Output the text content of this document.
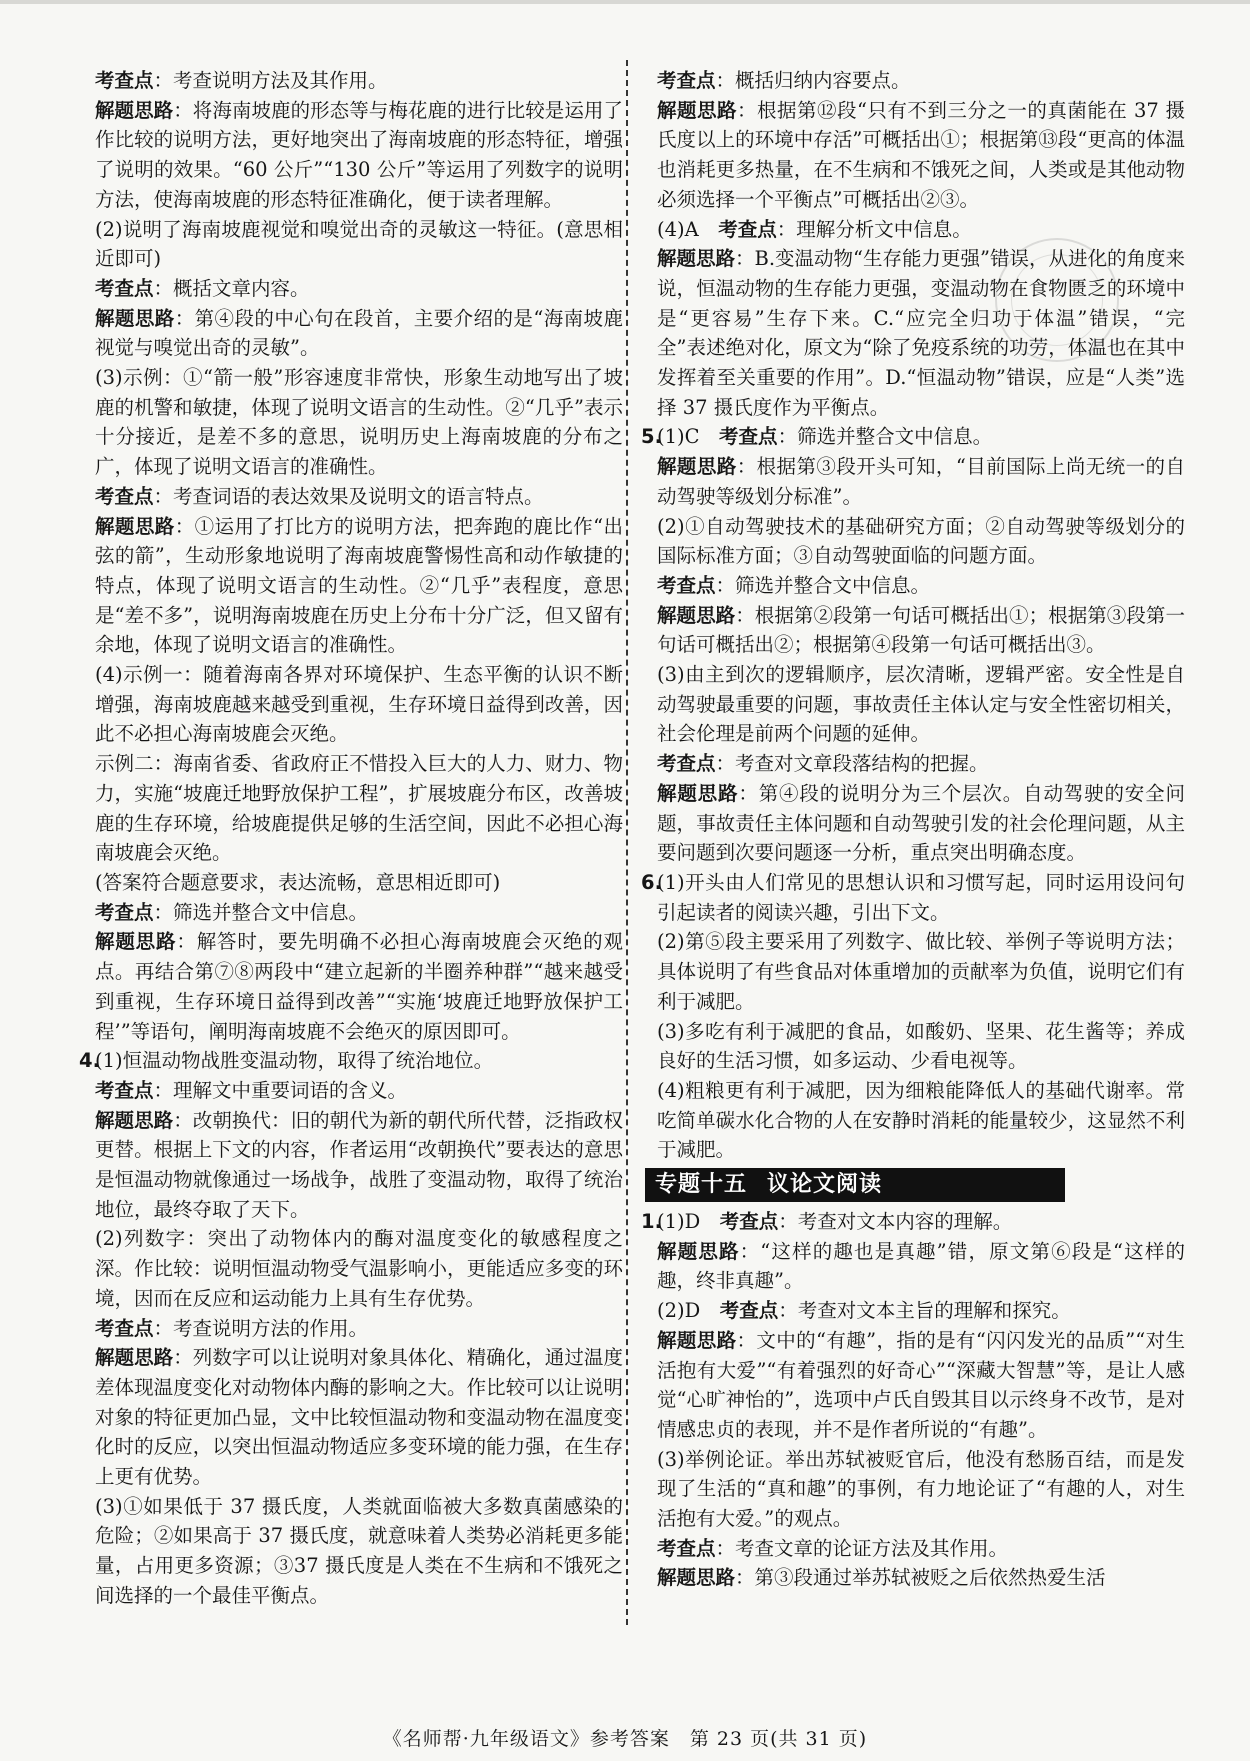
考查点：考查说明方法及其作用。

解题思路：将海南坡鹿的形态等与梅花鹿的进行比较是运用了作比较的说明方法，更好地突出了海南坡鹿的形态特征，增强了说明的效果。“60 公斤”“130 公斤”等运用了列数字的说明方法，使海南坡鹿的形态特征准确化，便于读者理解。

(2)说明了海南坡鹿视觉和嗅觉出奇的灵敏这一特征。(意思相近即可)

考查点：概括文章内容。

解题思路：第④段的中心句在段首，主要介绍的是“海南坡鹿视觉与嗅觉出奇的灵敏”。

(3)示例：①“箭一般”形容速度非常快，形象生动地写出了坡鹿的机警和敏捷，体现了说明文语言的生动性。②“几乎”表示十分接近，是差不多的意思，说明历史上海南坡鹿的分布之广，体现了说明文语言的准确性。

考查点：考查词语的表达效果及说明文的语言特点。

解题思路：①运用了打比方的说明方法，把奔跑的鹿比作“出弦的箭”，生动形象地说明了海南坡鹿警惕性高和动作敏捷的特点，体现了说明文语言的生动性。②“几乎”表程度，意思是“差不多”，说明海南坡鹿在历史上分布十分广泛，但又留有余地，体现了说明文语言的准确性。

(4)示例一：随着海南各界对环境保护、生态平衡的认识不断增强，海南坡鹿越来越受到重视，生存环境日益得到改善，因此不必担心海南坡鹿会灭绝。

示例二：海南省委、省政府正不惜投入巨大的人力、财力、物力，实施“坡鹿迁地野放保护工程”，扩展坡鹿分布区，改善坡鹿的生存环境，给坡鹿提供足够的生活空间，因此不必担心海南坡鹿会灭绝。

(答案符合题意要求，表达流畅，意思相近即可)

考查点：筛选并整合文中信息。

解题思路：解答时，要先明确不必担心海南坡鹿会灭绝的观点。再结合第⑦⑧两段中“建立起新的半圈养种群”“越来越受到重视，生存环境日益得到改善”“实施‘坡鹿迁地野放保护工程’”等语句，阐明海南坡鹿不会绝灭的原因即可。

4.(1)恒温动物战胜变温动物，取得了统治地位。

考查点：理解文中重要词语的含义。

解题思路：改朝换代：旧的朝代为新的朝代所代替，泛指政权更替。根据上下文的内容，作者运用“改朝换代”要表达的意思是恒温动物就像通过一场战争，战胜了变温动物，取得了统治地位，最终夺取了天下。

(2)列数字：突出了动物体内的酶对温度变化的敏感程度之深。作比较：说明恒温动物受气温影响小，更能适应多变的环境，因而在反应和运动能力上具有生存优势。

考查点：考查说明方法的作用。

解题思路：列数字可以让说明对象具体化、精确化，通过温度差体现温度变化对动物体内酶的影响之大。作比较可以让说明对象的特征更加凸显，文中比较恒温动物和变温动物在温度变化时的反应，以突出恒温动物适应多变环境的能力强，在生存上更有优势。

(3)①如果低于 37 摄氏度，人类就面临被大多数真菌感染的危险；②如果高于 37 摄氏度，就意味着人类势必消耗更多能量，占用更多资源；③37 摄氏度是人类在不生病和不饿死之间选择的一个最佳平衡点。

考查点：概括归纳内容要点。

解题思路：根据第⑫段“只有不到三分之一的真菌能在 37 摄氏度以上的环境中存活”可概括出①；根据第⑬段“更高的体温也消耗更多热量，在不生病和不饿死之间，人类或是其他动物必须选择一个平衡点”可概括出②③。

(4)A　考查点：理解分析文中信息。

解题思路：B.变温动物“生存能力更强”错误，从进化的角度来说，恒温动物的生存能力更强，变温动物在食物匮乏的环境中是“更容易”生存下来。C.“应完全归功于体温”错误，“完全”表述绝对化，原文为“除了免疫系统的功劳，体温也在其中发挥着至关重要的作用”。D.“恒温动物”错误，应是“人类”选择 37 摄氏度作为平衡点。

5.(1)C　考查点：筛选并整合文中信息。

解题思路：根据第③段开头可知，“目前国际上尚无统一的自动驾驶等级划分标准”。

(2)①自动驾驶技术的基础研究方面；②自动驾驶等级划分的国际标准方面；③自动驾驶面临的问题方面。

考查点：筛选并整合文中信息。

解题思路：根据第②段第一句话可概括出①；根据第③段第一句话可概括出②；根据第④段第一句话可概括出③。

(3)由主到次的逻辑顺序，层次清晰，逻辑严密。安全性是自动驾驶最重要的问题，事故责任主体认定与安全性密切相关，社会伦理是前两个问题的延伸。

考查点：考查对文章段落结构的把握。

解题思路：第④段的说明分为三个层次。自动驾驶的安全问题，事故责任主体问题和自动驾驶引发的社会伦理问题，从主要问题到次要问题逐一分析，重点突出明确态度。

6.(1)开头由人们常见的思想认识和习惯写起，同时运用设问句引起读者的阅读兴趣，引出下文。

(2)第⑤段主要采用了列数字、做比较、举例子等说明方法；具体说明了有些食品对体重增加的贡献率为负值，说明它们有利于减肥。

(3)多吃有利于减肥的食品，如酸奶、坚果、花生酱等；养成良好的生活习惯，如多运动、少看电视等。

(4)粗粮更有利于减肥，因为细粮能降低人的基础代谢率。常吃简单碳水化合物的人在安静时消耗的能量较少，这显然不利于减肥。

专题十五 议论文阅读

1.(1)D　考查点：考查对文本内容的理解。

解题思路：“这样的趣也是真趣”错，原文第⑥段是“这样的趣，终非真趣”。

(2)D　考查点：考查对文本主旨的理解和探究。

解题思路：文中的“有趣”，指的是有“闪闪发光的品质”“对生活抱有大爱”“有着强烈的好奇心”“深藏大智慧”等，是让人感觉“心旷神怡的”，选项中卢氏自毁其目以示终身不改节，是对情感忠贞的表现，并不是作者所说的“有趣”。

(3)举例论证。举出苏轼被贬官后，他没有愁肠百结，而是发现了生活的“真和趣”的事例，有力地论证了“有趣的人，对生活抱有大爱。”的观点。

考查点：考查文章的论证方法及其作用。

解题思路：第③段通过举苏轼被贬之后依然热爱生活

《名师帮·九年级语文》参考答案　第 23 页(共 31 页)
